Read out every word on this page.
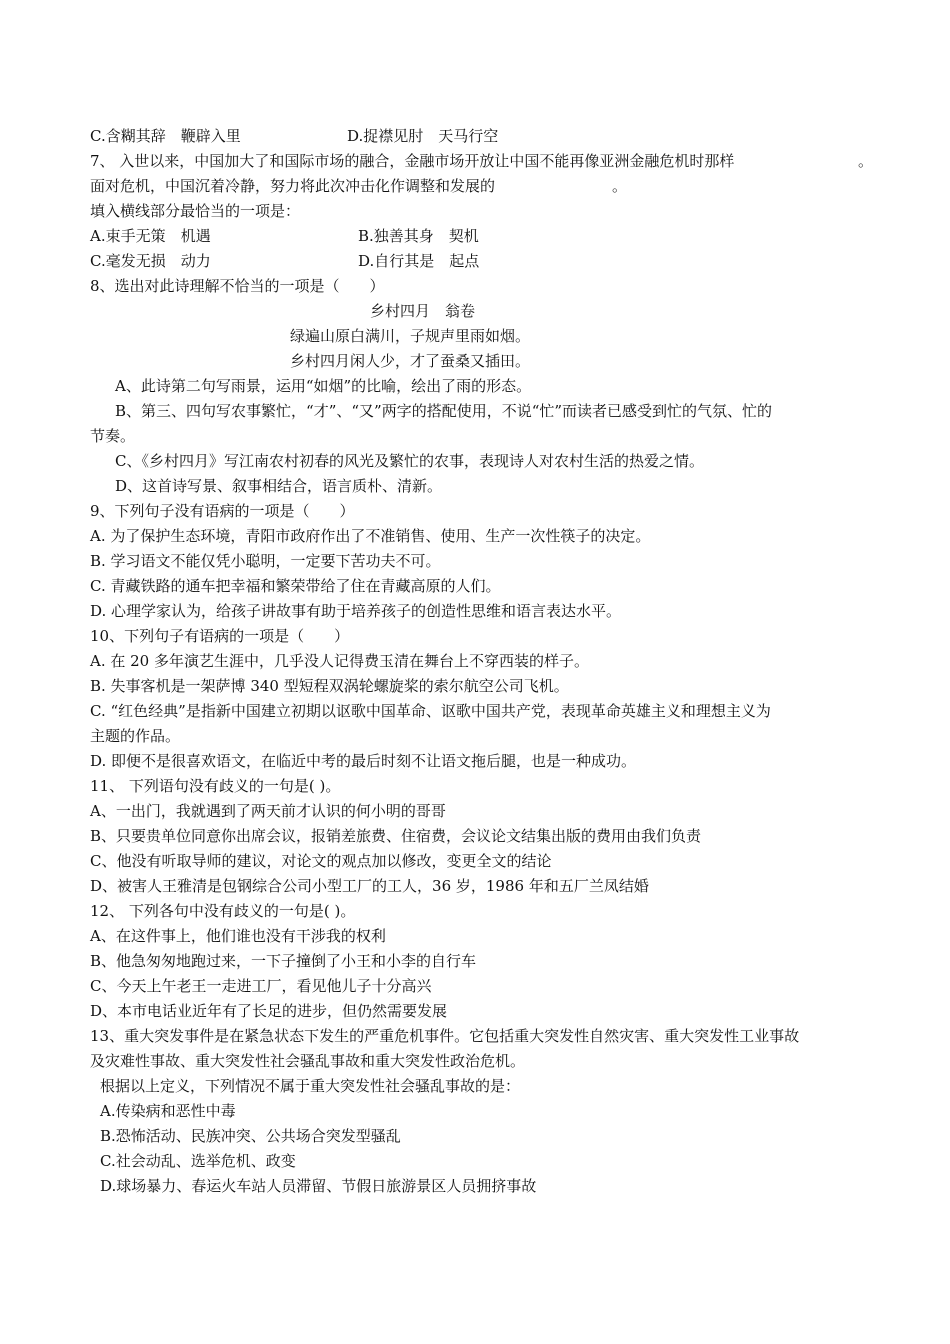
C.含糊其辞　鞭辟入里	D.捉襟见肘　天马行空
7、 入世以来，中国加大了和国际市场的融合，金融市场开放让中国不能再像亚洲金融危机时那样	。
面对危机，中国沉着冷静，努力将此次冲击化作调整和发展的	。
填入横线部分最恰当的一项是：
A.束手无策　机遇	B.独善其身　契机
C.毫发无损　动力	D.自行其是　起点
8、选出对此诗理解不恰当的一项是（　　）
乡村四月　翁卷
绿遍山原白满川，子规声里雨如烟。
乡村四月闲人少，才了蚕桑又插田。
A、此诗第二句写雨景，运用“如烟”的比喻，绘出了雨的形态。
B、第三、四句写农事繁忙，“才”、“又”两字的搭配使用，不说“忙”而读者已感受到忙的气氛、忙的
节奏。
C、《乡村四月》写江南农村初春的风光及繁忙的农事，表现诗人对农村生活的热爱之情。
D、这首诗写景、叙事相结合，语言质朴、清新。
9、下列句子没有语病的一项是（　　）
A. 为了保护生态环境，青阳市政府作出了不准销售、使用、生产一次性筷子的决定。
B. 学习语文不能仅凭小聪明，一定要下苦功夫不可。
C. 青藏铁路的通车把幸福和繁荣带给了住在青藏高原的人们。
D. 心理学家认为，给孩子讲故事有助于培养孩子的创造性思维和语言表达水平。
10、下列句子有语病的一项是（　　）
A. 在 20 多年演艺生涯中，几乎没人记得费玉清在舞台上不穿西装的样子。
B. 失事客机是一架萨博 340 型短程双涡轮螺旋桨的索尔航空公司飞机。
C. “红色经典”是指新中国建立初期以讴歌中国革命、讴歌中国共产党，表现革命英雄主义和理想主义为
主题的作品。
D. 即便不是很喜欢语文，在临近中考的最后时刻不让语文拖后腿，也是一种成功。
11、 下列语句没有歧义的一句是( )。
A、一出门，我就遇到了两天前才认识的何小明的哥哥
B、只要贵单位同意你出席会议，报销差旅费、住宿费，会议论文结集出版的费用由我们负责
C、他没有听取导师的建议，对论文的观点加以修改，变更全文的结论
D、被害人王雅清是包钢综合公司小型工厂的工人，36 岁，1986 年和五厂兰凤结婚
12、 下列各句中没有歧义的一句是( )。
A、在这件事上，他们谁也没有干涉我的权利
B、他急匆匆地跑过来，一下子撞倒了小王和小李的自行车
C、今天上午老王一走进工厂，看见他儿子十分高兴
D、本市电话业近年有了长足的进步，但仍然需要发展
13、重大突发事件是在紧急状态下发生的严重危机事件。它包括重大突发性自然灾害、重大突发性工业事故
及灾难性事故、重大突发性社会骚乱事故和重大突发性政治危机。
根据以上定义，下列情况不属于重大突发性社会骚乱事故的是：
A.传染病和恶性中毒
B.恐怖活动、民族冲突、公共场合突发型骚乱
C.社会动乱、选举危机、政变
D.球场暴力、春运火车站人员滞留、节假日旅游景区人员拥挤事故
